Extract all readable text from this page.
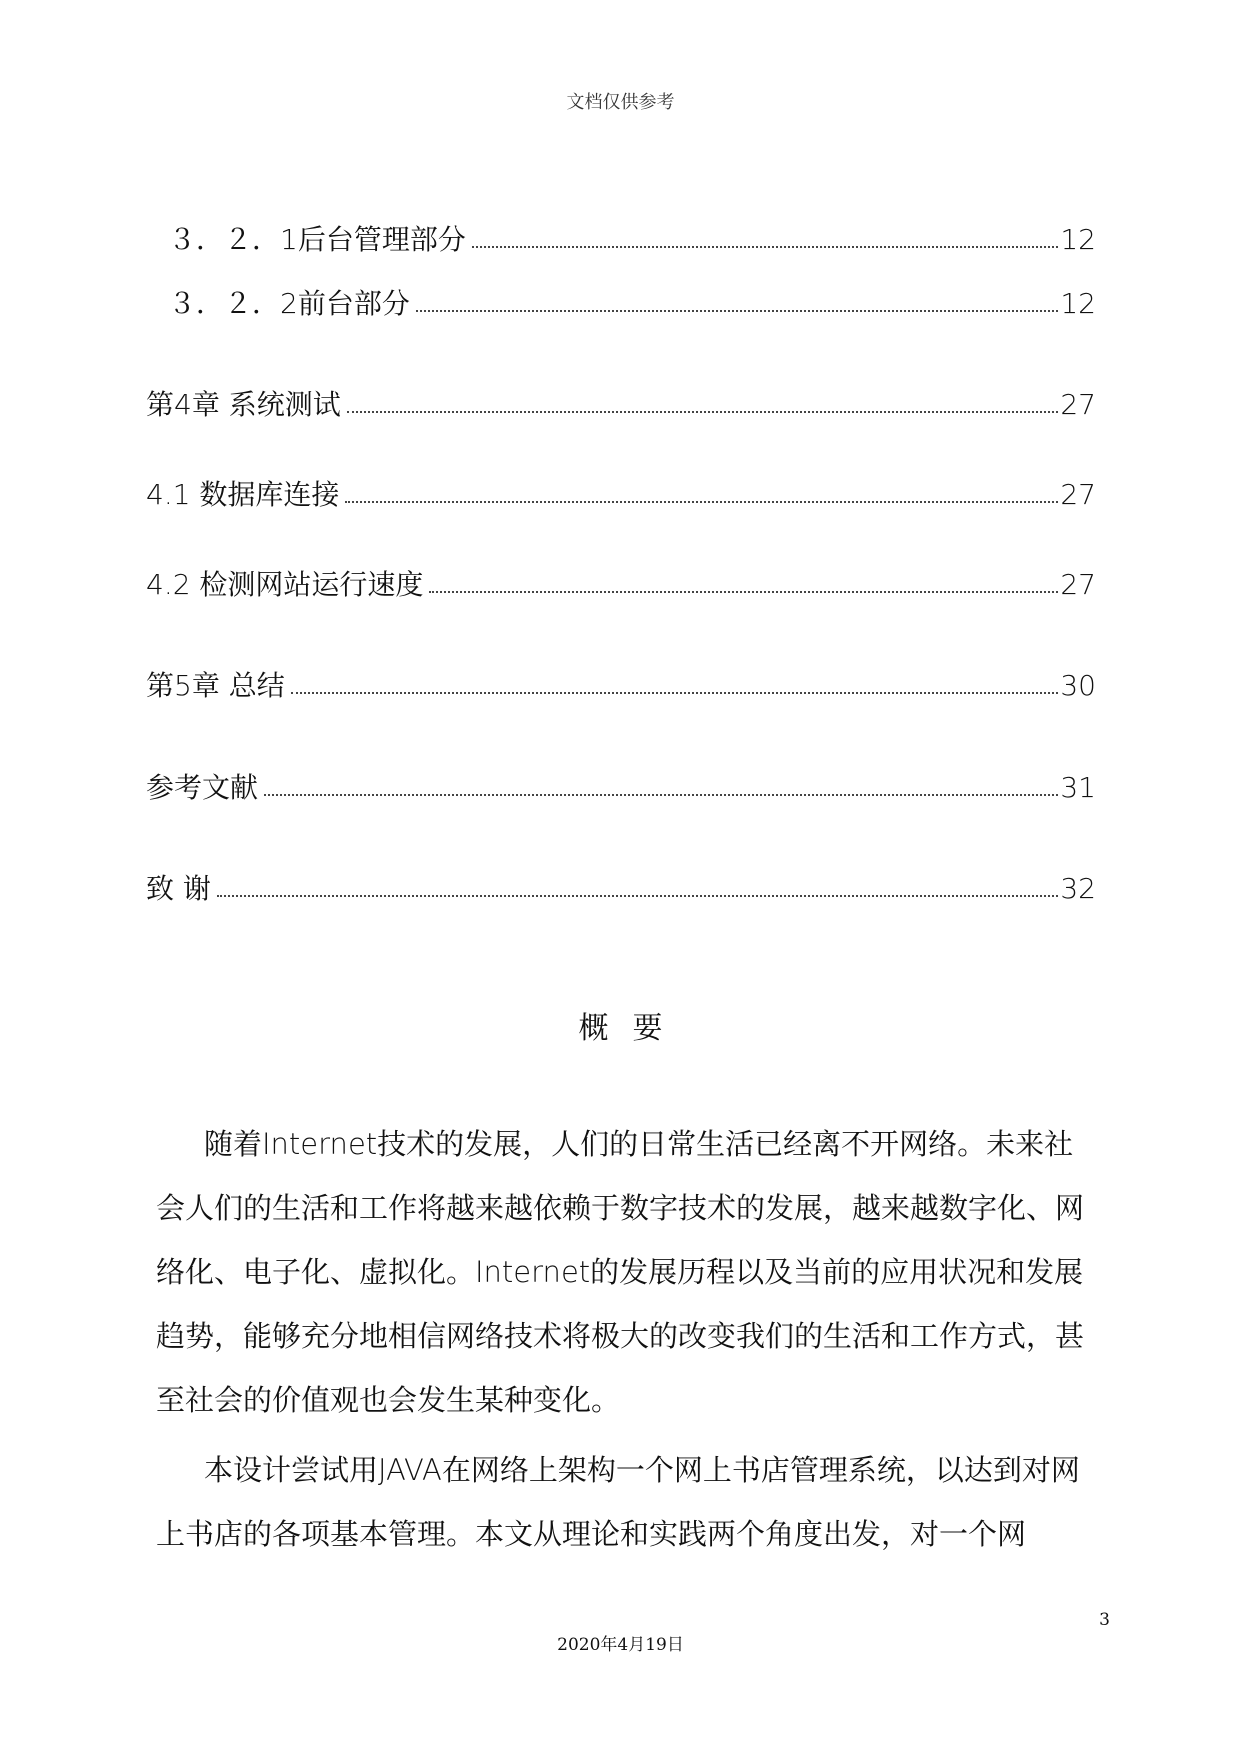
文档仅供参考
３．２．1后台管理部分	12
３．２．2前台部分	12
第4章 系统测试	27
4.1 数据库连接	27
4.2 检测网站运行速度	27
第5章 总结	30
参考文献	31
致 谢	32
概要

随着Internet技术的发展，人们的日常生活已经离不开网络。未来社会人们的生活和工作将越来越依赖于数字技术的发展，越来越数字化、网络化、电子化、虚拟化。Internet的发展历程以及当前的应用状况和发展趋势，能够充分地相信网络技术将极大的改变我们的生活和工作方式，甚至社会的价值观也会发生某种变化。

本设计尝试用JAVA在网络上架构一个网上书店管理系统，以达到对网上书店的各项基本管理。本文从理论和实践两个角度出发，对一个网

3
2020年4月19日
